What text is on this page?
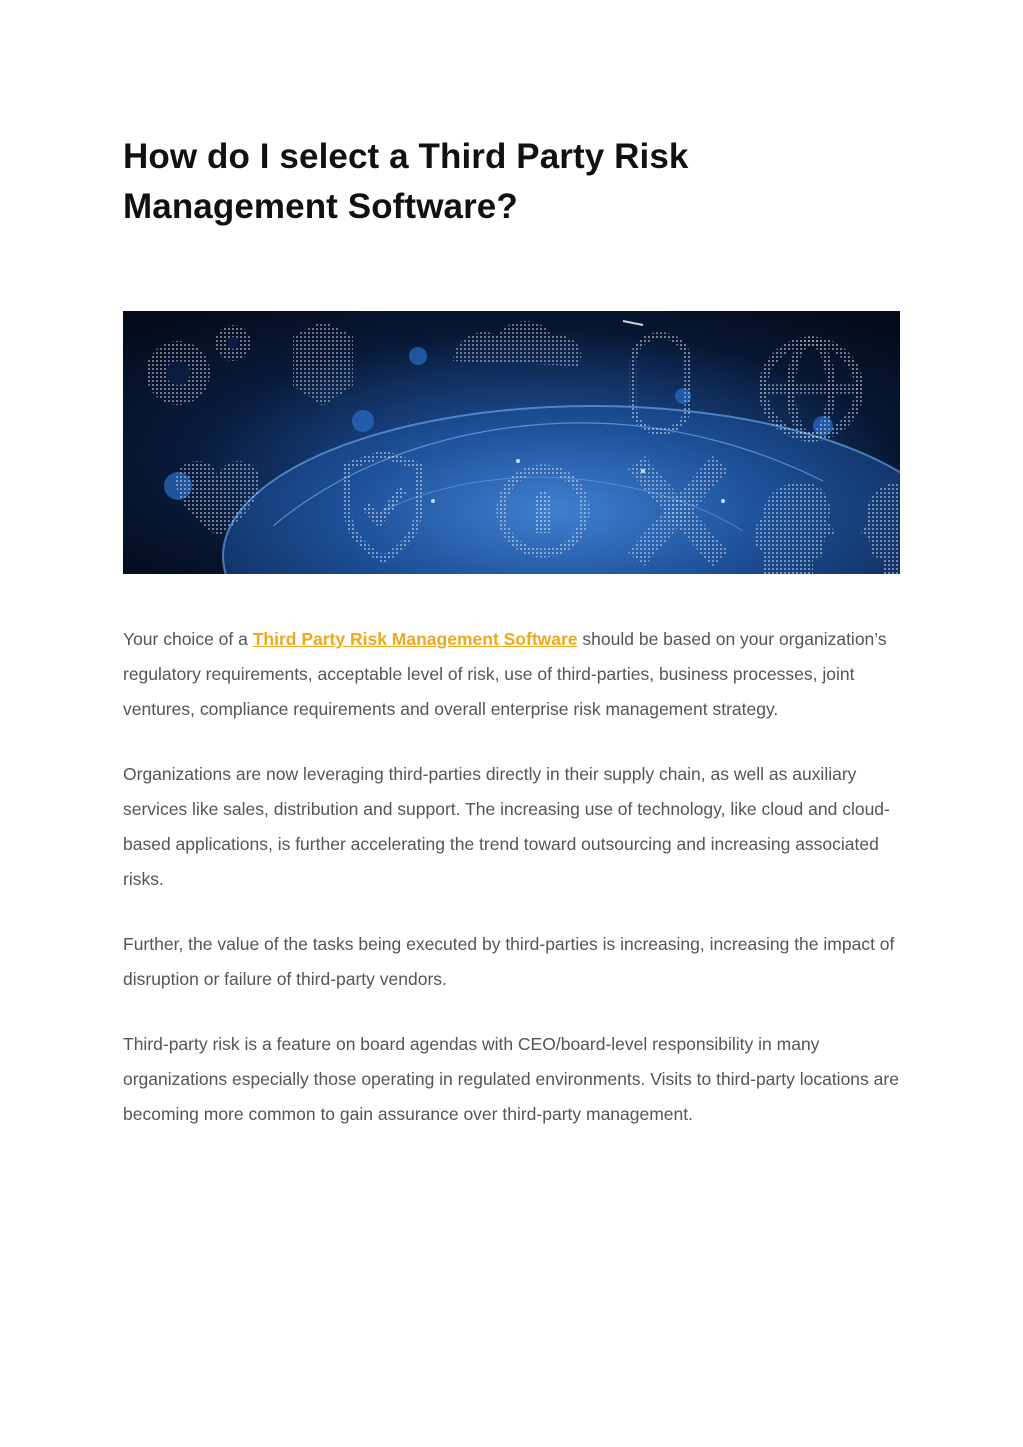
How do I select a Third Party Risk Management Software?

Your choice of a Third Party Risk Management Software should be based on your organization’s regulatory requirements, acceptable level of risk, use of third-parties, business processes, joint ventures, compliance requirements and overall enterprise risk management strategy.

Organizations are now leveraging third-parties directly in their supply chain, as well as auxiliary services like sales, distribution and support. The increasing use of technology, like cloud and cloud-based applications, is further accelerating the trend toward outsourcing and increasing associated risks.

Further, the value of the tasks being executed by third-parties is increasing, increasing the impact of disruption or failure of third-party vendors.

Third-party risk is a feature on board agendas with CEO/board-level responsibility in many organizations especially those operating in regulated environments. Visits to third-party locations are becoming more common to gain assurance over third-party management.
